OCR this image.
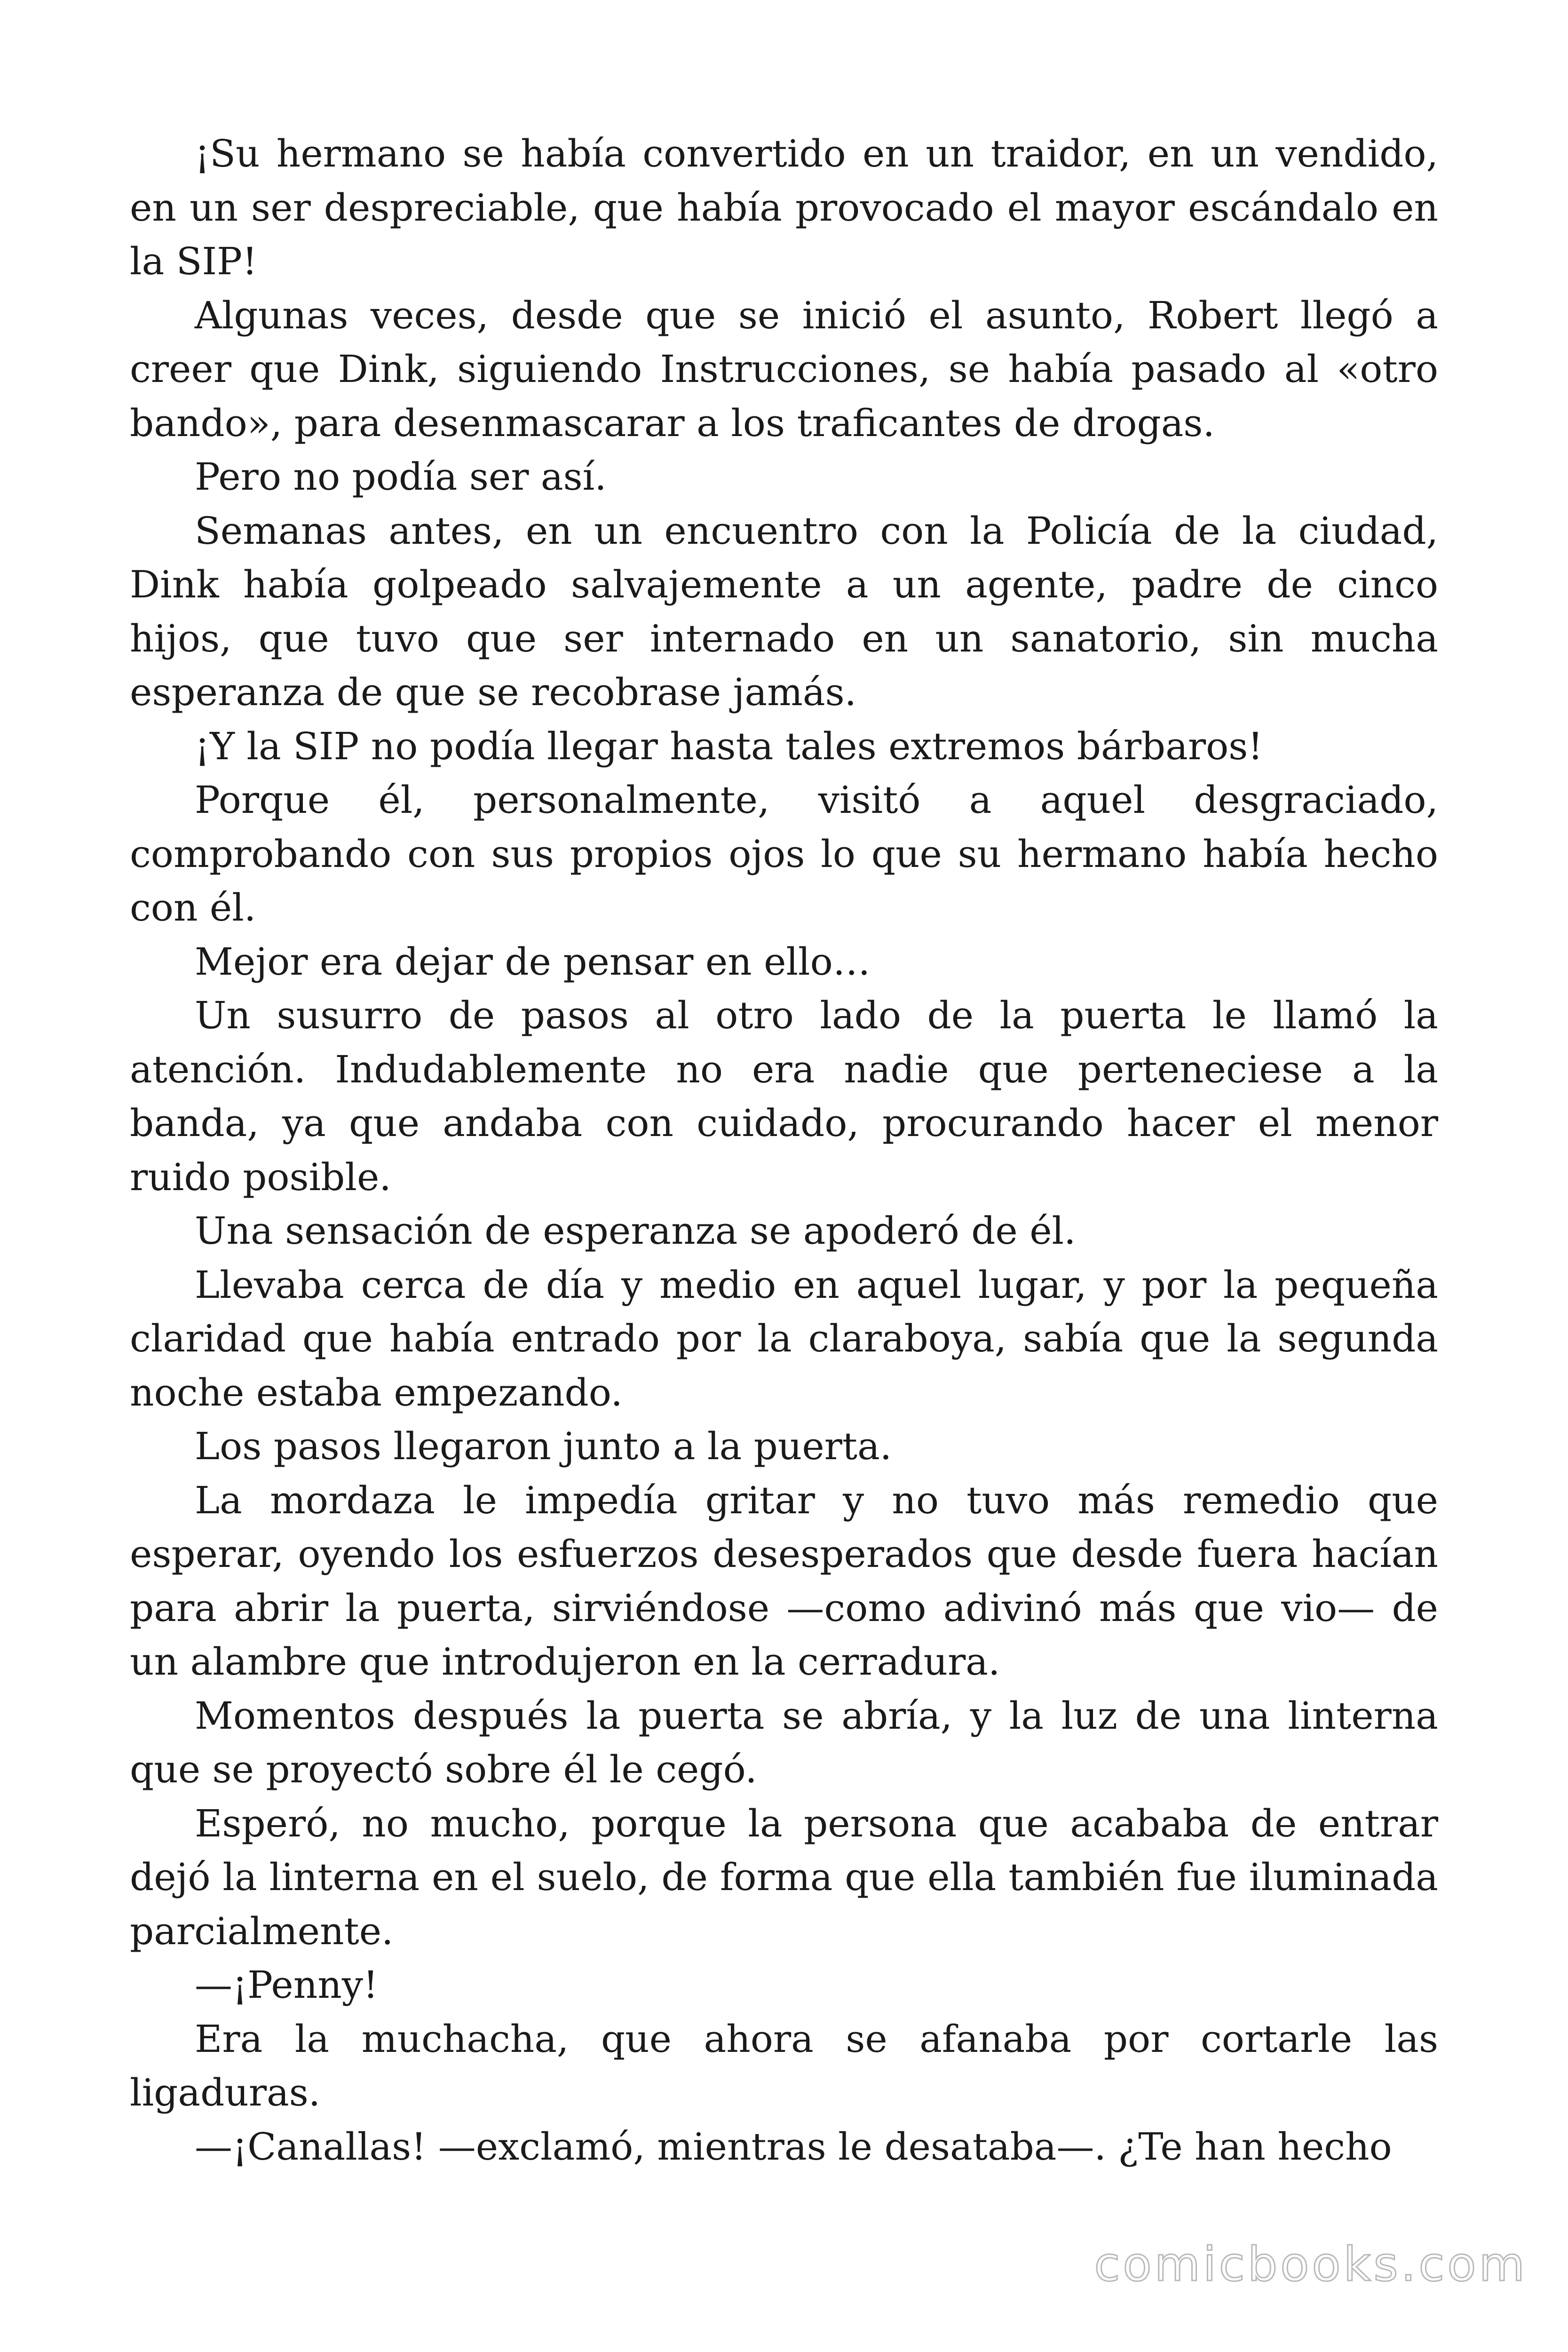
¡Su hermano se había convertido en un traidor, en un vendido, en un ser despreciable, que había provocado el mayor escándalo en la SIP!

Algunas veces, desde que se inició el asunto, Robert llegó a creer que Dink, siguiendo Instrucciones, se había pasado al «otro bando», para desenmascarar a los traficantes de drogas.

Pero no podía ser así.

Semanas antes, en un encuentro con la Policía de la ciudad, Dink había golpeado salvajemente a un agente, padre de cinco hijos, que tuvo que ser internado en un sanatorio, sin mucha esperanza de que se recobrase jamás.

¡Y la SIP no podía llegar hasta tales extremos bárbaros!

Porque él, personalmente, visitó a aquel desgraciado, comprobando con sus propios ojos lo que su hermano había hecho con él.

Mejor era dejar de pensar en ello…

Un susurro de pasos al otro lado de la puerta le llamó la atención. Indudablemente no era nadie que perteneciese a la banda, ya que andaba con cuidado, procurando hacer el menor ruido posible.

Una sensación de esperanza se apoderó de él.

Llevaba cerca de día y medio en aquel lugar, y por la pequeña claridad que había entrado por la claraboya, sabía que la segunda noche estaba empezando.

Los pasos llegaron junto a la puerta.

La mordaza le impedía gritar y no tuvo más remedio que esperar, oyendo los esfuerzos desesperados que desde fuera hacían para abrir la puerta, sirviéndose —como adivinó más que vio— de un alambre que introdujeron en la cerradura.

Momentos después la puerta se abría, y la luz de una linterna que se proyectó sobre él le cegó.

Esperó, no mucho, porque la persona que acababa de entrar dejó la linterna en el suelo, de forma que ella también fue iluminada parcialmente.

—¡Penny!

Era la muchacha, que ahora se afanaba por cortarle las ligaduras.

—¡Canallas! —exclamó, mientras le desataba—. ¿Te han hecho

comicbooks.com
